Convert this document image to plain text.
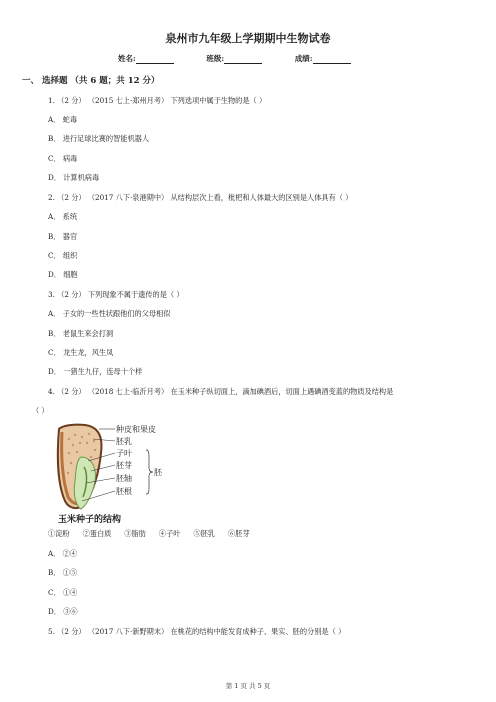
泉州市九年级上学期期中生物试卷
姓名:	班级:	成绩:
一、 选择题 （共 6 题；共 12 分）
1. （2 分） （2015 七上·郑州月考） 下列选项中属于生物的是（ ）
A． 蛇毒
B． 进行足球比赛的智能机器人
C． 病毒
D． 计算机病毒
2. （2 分） （2017 八下·泉港期中） 从结构层次上看，枇杷和人体最大的区别是人体具有（ ）
A． 系统
B． 器官
C． 组织
D． 细胞
3. （2 分） 下列现象不属于遗传的是（ ）
A． 子女的一些性状跟他们的父母相似
B． 老鼠生来会打洞
C． 龙生龙，风生凤
D． 一猪生九仔，连母十个样
4. （2 分） （2018 七上·临沂月考） 在玉米种子纵切面上，滴加碘酒后，切面上遇碘酒变蓝的物质及结构是
（ ）
种皮和果皮
胚乳
子叶
胚芽
胚轴
胚根
胚
玉米种子的结构
①淀粉 ②蛋白质 ③脂肪 ④子叶 ⑤胚乳 ⑥胚芽
A． ②④
B． ①⑤
C． ①④
D． ③⑥
5. （2 分） （2017 八下·新野期末） 在桃花的结构中能发育成种子、果实、胚的分别是（ ）
第 1 页 共 5 页
